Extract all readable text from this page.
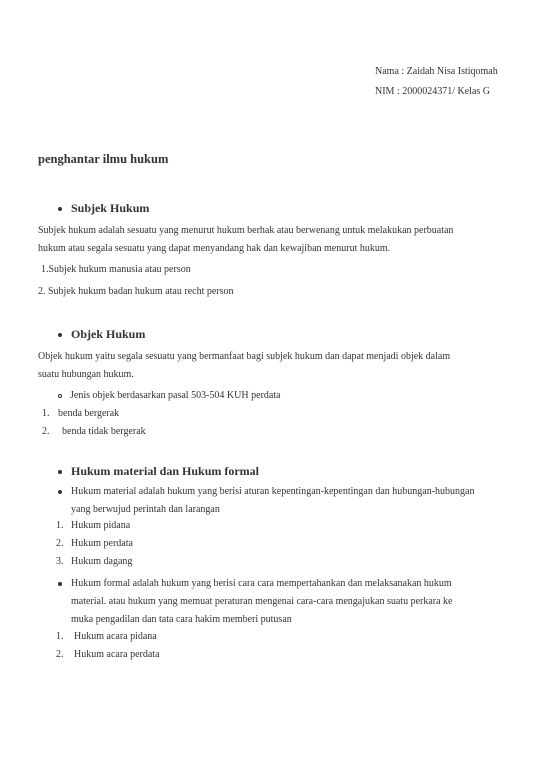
Nama : Zaidah Nisa Istiqomah
NIM : 2000024371/ Kelas G
penghantar ilmu hukum
Subjek Hukum
Subjek hukum adalah sesuatu yang menurut hukum berhak atau berwenang untuk melakukan perbuatan
hukum atau segala sesuatu yang dapat menyandang hak dan kewajiban menurut hukum.
1.Subjek hukum manusia atau person
2. Subjek hukum badan hukum atau recht person
Objek Hukum
Objek hukum yaitu segala sesuatu yang bermanfaat bagi subjek hukum dan dapat menjadi objek dalam
suatu hubungan hukum.
Jenis objek berdasarkan pasal 503-504 KUH perdata
1. benda bergerak
2. benda tidak bergerak
Hukum material dan Hukum formal
Hukum material adalah hukum yang berisi aturan kepentingan-kepentingan dan hubungan-hubungan
yang berwujud perintah dan larangan
1. Hukum pidana
2. Hukum perdata
3. Hukum dagang
Hukum formal adalah hukum yang berisi cara cara mempertahankan dan melaksanakan hukum
material. atau hukum yang memuat peraturan mengenai cara-cara mengajukan suatu perkara ke
muka pengadilan dan tata cara hakim memberi putusan
1. Hukum acara pidana
2. Hukum acara perdata
